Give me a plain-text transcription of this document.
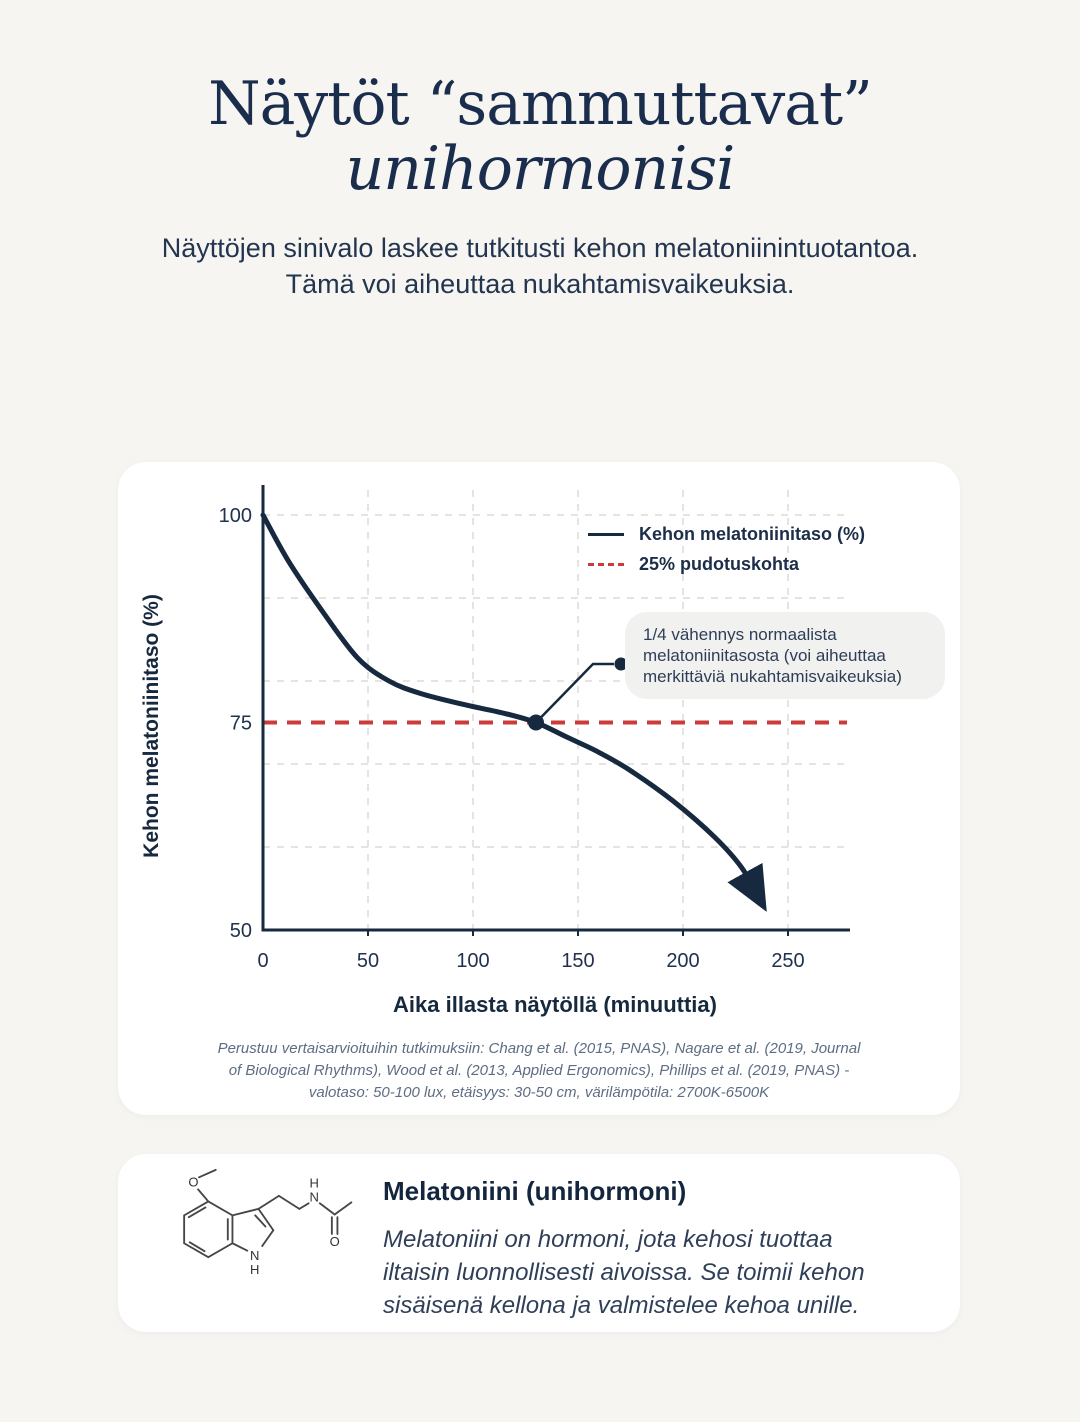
Näytöt “sammuttavat”
unihormonisi
Näyttöjen sinivalo laskee tutkitusti kehon melatoniinintuotantoa.
Tämä voi aiheuttaa nukahtamisvaikeuksia.
100
75
50
0	50	100	150	200	250
Kehon melatoniinitaso (%)
25% pudotuskohta
1/4 vähennys normaalista
melatoniinitasosta (voi aiheuttaa
merkittäviä nukahtamisvaikeuksia)
Kehon melatoniinitaso (%)
Aika illasta näytöllä (minuuttia)
Perustuu vertaisarvioituihin tutkimuksiin: Chang et al. (2015, PNAS), Nagare et al. (2019, Journal
of Biological Rhythms), Wood et al. (2013, Applied Ergonomics), Phillips et al. (2019, PNAS) -
valotaso: 50-100 lux, etäisyys: 30-50 cm, värilämpötila: 2700K-6500K
N
H
O
N
H
O
Melatoniini (unihormoni)
Melatoniini on hormoni, jota kehosi tuottaa
iltaisin luonnollisesti aivoissa. Se toimii kehon
sisäisenä kellona ja valmistelee kehoa unille.
